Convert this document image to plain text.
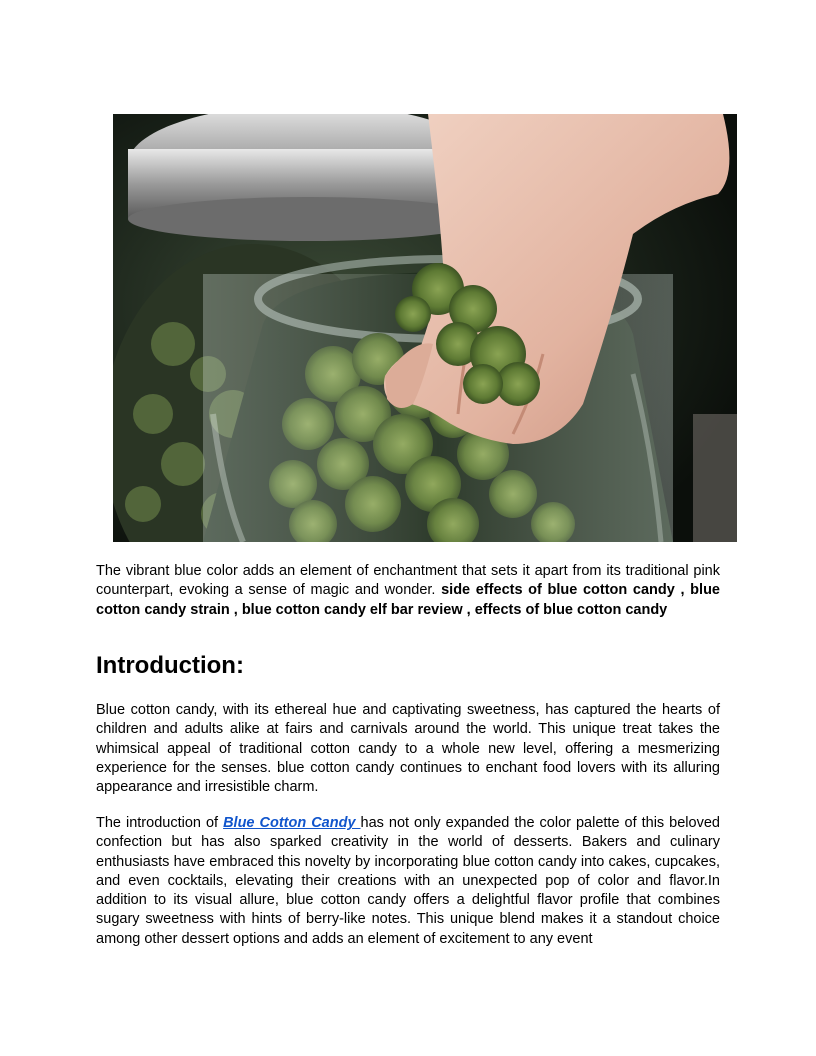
The vibrant blue color adds an element of enchantment that sets it apart from its traditional pink counterpart, evoking a sense of magic and wonder. side effects of blue cotton candy , blue cotton candy strain , blue cotton candy elf bar review , effects of blue cotton candy

Introduction:

Blue cotton candy, with its ethereal hue and captivating sweetness, has captured the hearts of children and adults alike at fairs and carnivals around the world. This unique treat takes the whimsical appeal of traditional cotton candy to a whole new level, offering a mesmerizing experience for the senses. blue cotton candy continues to enchant food lovers with its alluring appearance and irresistible charm.

The introduction of Blue Cotton Candy has not only expanded the color palette of this beloved confection but has also sparked creativity in the world of desserts. Bakers and culinary enthusiasts have embraced this novelty by incorporating blue cotton candy into cakes, cupcakes, and even cocktails, elevating their creations with an unexpected pop of color and flavor.In addition to its visual allure, blue cotton candy offers a delightful flavor profile that combines sugary sweetness with hints of berry-like notes. This unique blend makes it a standout choice among other dessert options and adds an element of excitement to any event
